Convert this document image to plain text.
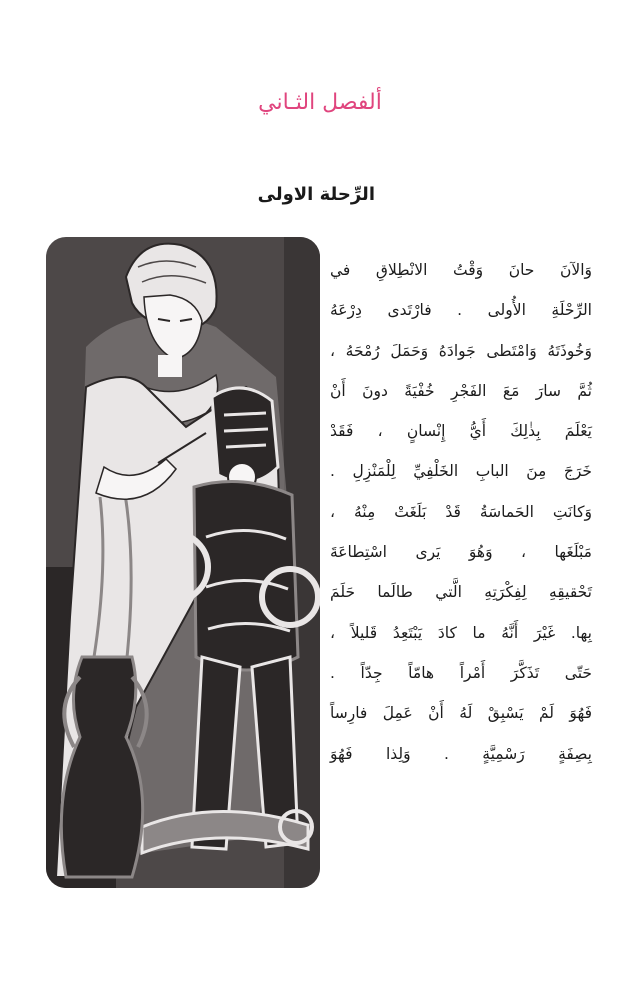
ألفصل الثـاني
الرِّحلة الاولى
وَالآنَ حانَ وَقْتُ الانْطِلاقِ في
الرِّحْلَةِ الأُولى . فارْتَدى دِرْعَهُ
وَخُوذَتَهُ وَامْتَطى جَوادَهُ وَحَمَلَ رُمْحَهُ ،
ثُمَّ سارَ مَعَ الفَجْرِ خُفْيَةً دونَ أَنْ
يَعْلَمَ بِذٰلِكَ أَيُّ إِنْسانٍ ، فَقَدْ
خَرَجَ مِنَ البابِ الخَلْفِيِّ لِلْمَنْزِلِ .
وَكانَتِ الحَماسَةُ قَدْ بَلَغَتْ مِنْهُ ،
مَبْلَغَها ، وَهُوَ يَرى اسْتِطاعَةَ
تَحْقيقِهِ لِفِكْرَتِهِ الَّتي طالَما حَلَمَ
بِها. غَيْرَ أَنَّهُ ما كادَ يَبْتَعِدُ قَليلاً ،
حَتّى تَذَكَّرَ أَمْراً هامّاً جِدّاً .
فَهُوَ لَمْ يَسْبِقْ لَهُ أَنْ عَمِلَ فارِساً
بِصِفَةٍ رَسْمِيَّةٍ . وَلِذا فَهُوَ
